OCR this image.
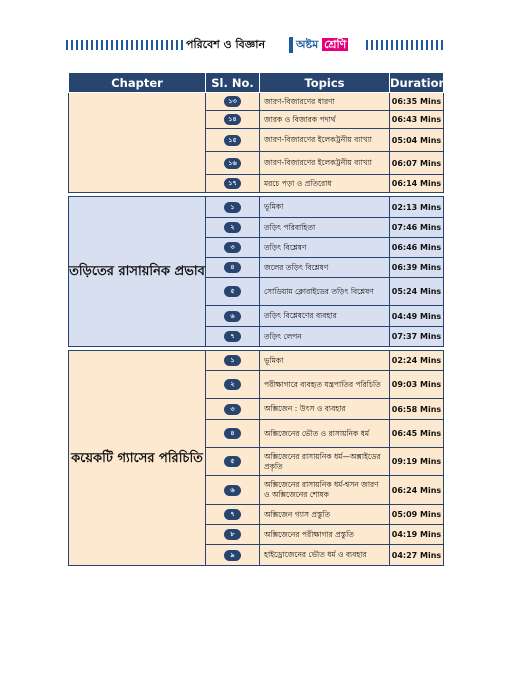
পরিবেশ ও বিজ্ঞান	অষ্টম শ্রেণি
Chapter	Sl. No.	Topics	Duration
	১৩	জারণ-বিজারণের ধারণা	06:35 Mins
	১৪	জারক ও বিজারক পদার্থ	06:43 Mins
	১৫	জারণ-বিজারণের ইলেকট্রনীয় ব্যাখ্যা	05:04 Mins
	১৬	জারণ-বিজারণের ইলেকট্রনীয় ব্যাখ্যা	06:07 Mins
	১৭	মরচে পড়া ও প্রতিরোধ	06:14 Mins

তড়িতের রাসায়নিক প্রভাব	১	ভূমিকা	02:13 Mins
	২	তড়িৎ পরিবাহিতা	07:46 Mins
	৩	তড়িৎ বিশ্লেষণ	06:46 Mins
	৪	জলের তড়িৎ বিশ্লেষণ	06:39 Mins
	৫	সোডিয়াম ক্লোরাইডের তড়িৎ বিশ্লেষণ	05:24 Mins
	৬	তড়িৎ বিশ্লেষণের ব্যবহার	04:49 Mins
	৭	তড়িৎ লেপন	07:37 Mins

কয়েকটি গ্যাসের পরিচিতি	১	ভূমিকা	02:24 Mins
	২	পরীক্ষাগারে ব্যবহৃত যন্ত্রপাতির পরিচিতি	09:03 Mins
	৩	অক্সিজেন : উৎস ও ব্যবহার	06:58 Mins
	৪	অক্সিজেনের ভৌত ও রাসায়নিক ধর্ম	06:45 Mins
	৫	অক্সিজেনের রাসায়নিক ধর্ম—অক্সাইডের প্রকৃতি	09:19 Mins
	৬	অক্সিজেনের রাসায়নিক ধর্ম-শ্বসন জারণ ও অক্সিজেনের শোষক	06:24 Mins
	৭	অক্সিজেন গ্যাস প্রস্তুতি	05:09 Mins
	৮	অক্সিজেনের পরীক্ষাগার প্রস্তুতি	04:19 Mins
	৯	হাইড্রোজেনের ভৌত ধর্ম ও ব্যবহার	04:27 Mins
